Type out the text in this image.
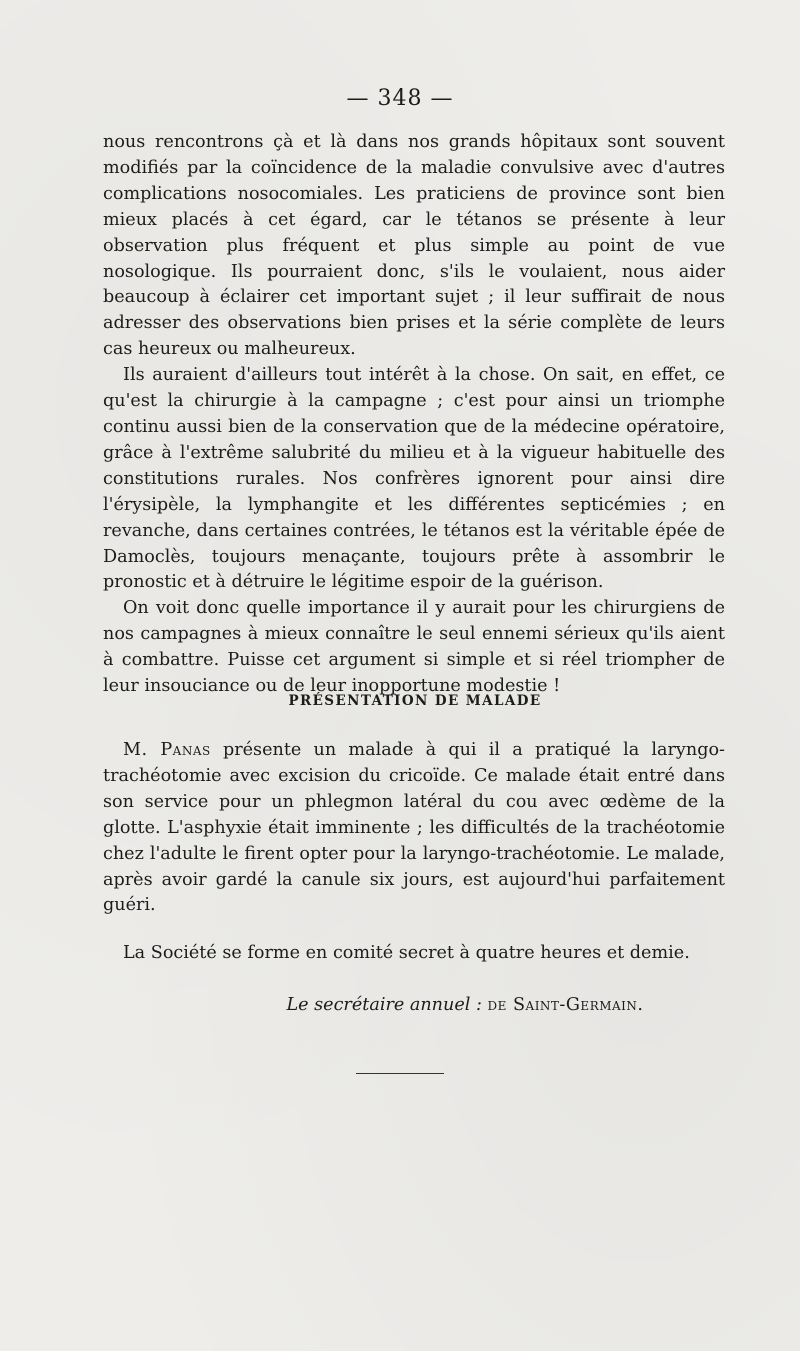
— 348 —

nous rencontrons çà et là dans nos grands hôpitaux sont souvent modifiés par la coïncidence de la maladie convulsive avec d'autres complications nosocomiales. Les praticiens de province sont bien mieux placés à cet égard, car le tétanos se présente à leur observation plus fréquent et plus simple au point de vue nosologique. Ils pourraient donc, s'ils le voulaient, nous aider beaucoup à éclairer cet important sujet ; il leur suffirait de nous adresser des observations bien prises et la série complète de leurs cas heureux ou malheureux.

Ils auraient d'ailleurs tout intérêt à la chose. On sait, en effet, ce qu'est la chirurgie à la campagne ; c'est pour ainsi un triomphe continu aussi bien de la conservation que de la médecine opératoire, grâce à l'extrême salubrité du milieu et à la vigueur habituelle des constitutions rurales. Nos confrères ignorent pour ainsi dire l'érysipèle, la lymphangite et les différentes septicémies ; en revanche, dans certaines contrées, le tétanos est la véritable épée de Damoclès, toujours menaçante, toujours prête à assombrir le pronostic et à détruire le légitime espoir de la guérison.

On voit donc quelle importance il y aurait pour les chirurgiens de nos campagnes à mieux connaître le seul ennemi sérieux qu'ils aient à combattre. Puisse cet argument si simple et si réel triompher de leur insouciance ou de leur inopportune modestie !

PRÉSENTATION DE MALADE

M. Panas présente un malade à qui il a pratiqué la laryngo-trachéotomie avec excision du cricoïde. Ce malade était entré dans son service pour un phlegmon latéral du cou avec œdème de la glotte. L'asphyxie était imminente ; les difficultés de la trachéotomie chez l'adulte le firent opter pour la laryngo-trachéotomie. Le malade, après avoir gardé la canule six jours, est aujourd'hui parfaitement guéri.

La Société se forme en comité secret à quatre heures et demie.
Le secrétaire annuel : de Saint-Germain.
